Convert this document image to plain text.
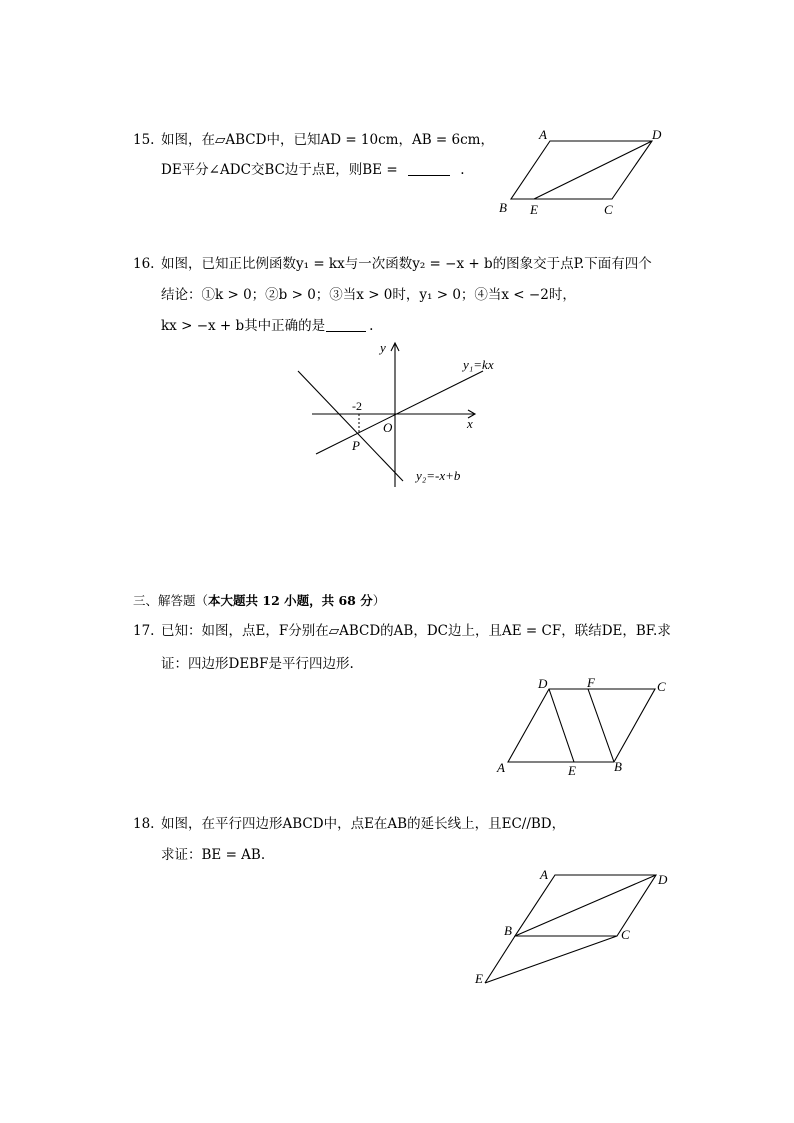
15. 如图，在▱ABCD中，已知AD = 10cm，AB = 6cm，
DE平分∠ADC交BC边于点E，则BE =	.
A	D
B E	C
16. 如图，已知正比例函数y₁ = kx与一次函数y₂ = −x + b的图象交于点P.下面有四个
结论：①k > 0；②b > 0；③当x > 0时，y₁ > 0；④当x < −2时，
kx > −x + b其中正确的是	.
y
x
O
P
-2
y₁=kx
y₂=-x+b
三、解答题（本大题共 12 小题，共 68 分）
17. 已知：如图，点E，F分别在▱ABCD的AB，DC边上，且AE = CF，联结DE，BF.求
证：四边形DEBF是平行四边形.
D	F	C
A	E	B
18. 如图，在平行四边形ABCD中，点E在AB的延长线上，且EC//BD，
求证：BE = AB.
A	D
B	C
E
